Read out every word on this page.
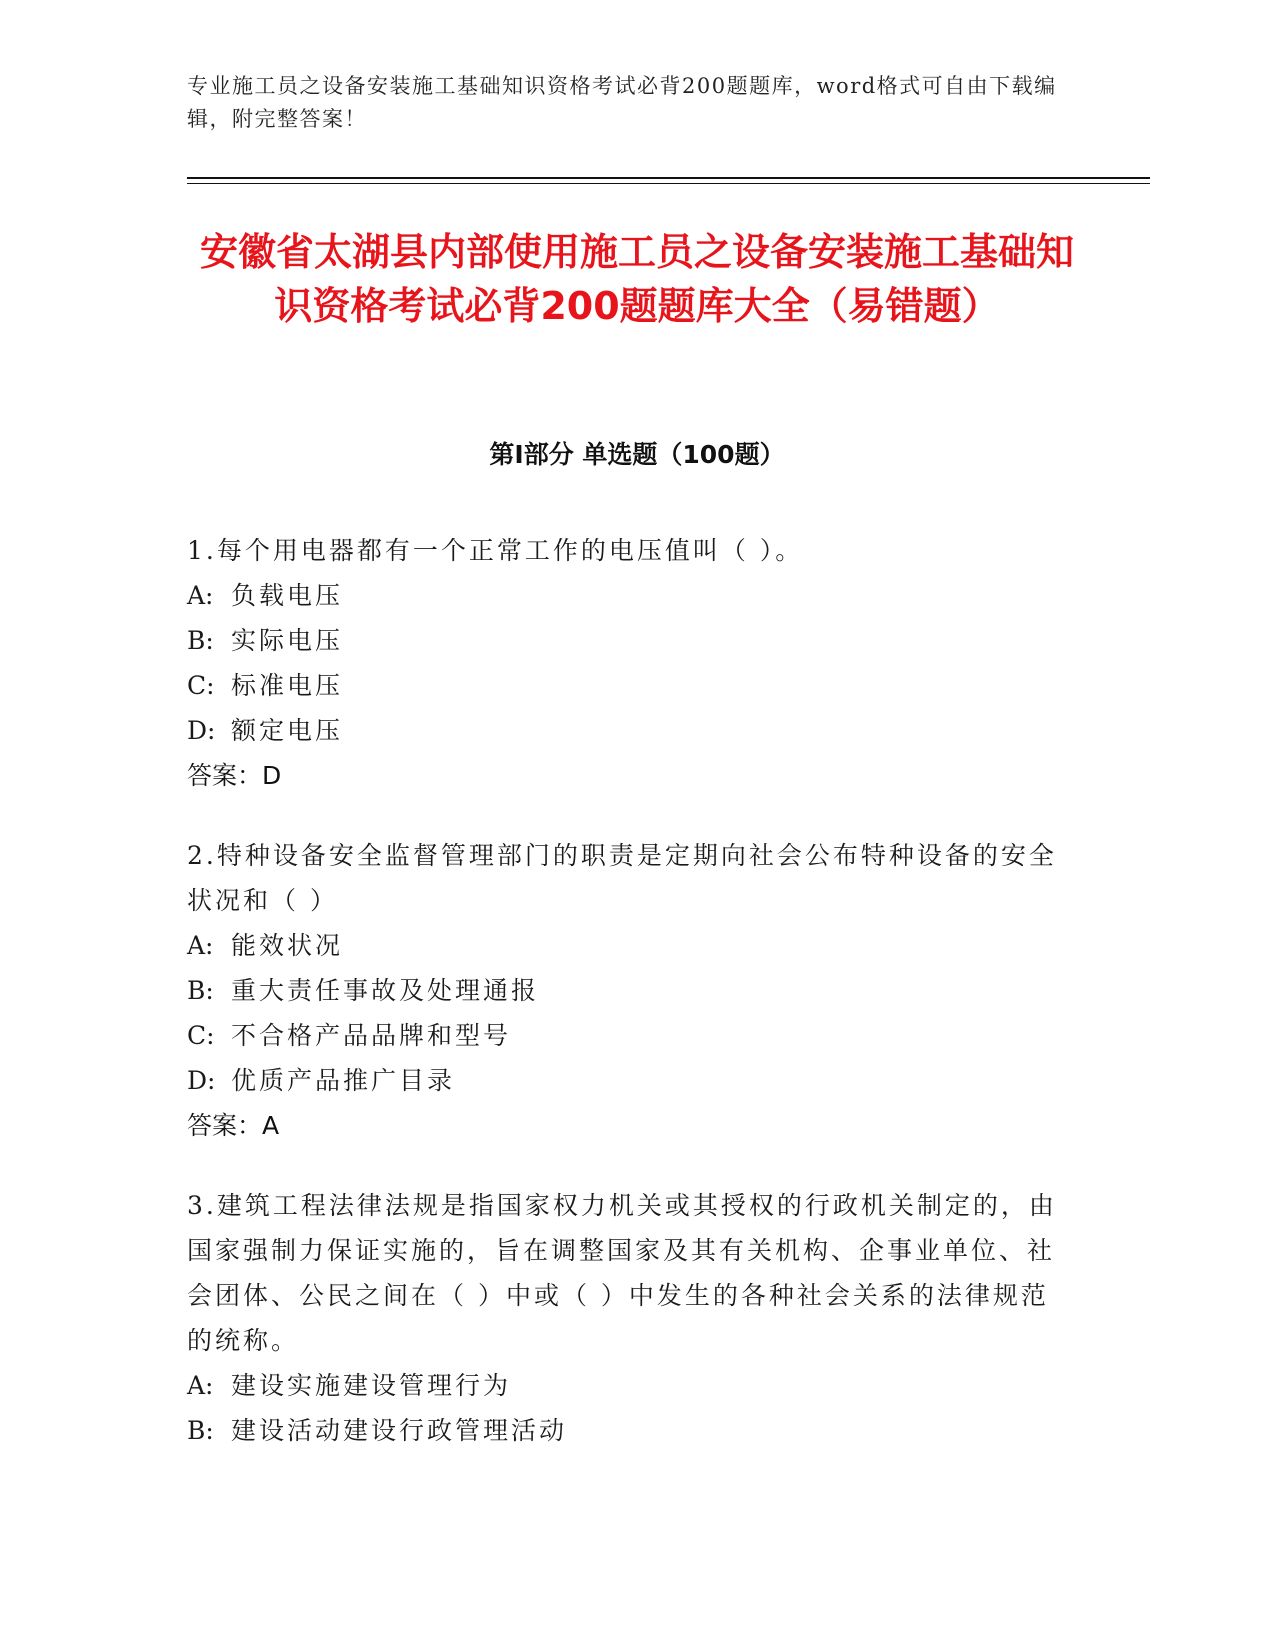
专业施工员之设备安装施工基础知识资格考试必背200题题库，word格式可自由下载编辑，附完整答案！
安徽省太湖县内部使用施工员之设备安装施工基础知识资格考试必背200题题库大全（易错题）
第I部分 单选题（100题）

1.每个用电器都有一个正常工作的电压值叫（ ）。

A: 负载电压

B: 实际电压

C: 标准电压

D: 额定电压

答案：D

2.特种设备安全监督管理部门的职责是定期向社会公布特种设备的安全状况和（ ）

A: 能效状况

B: 重大责任事故及处理通报

C: 不合格产品品牌和型号

D: 优质产品推广目录

答案：A

3.建筑工程法律法规是指国家权力机关或其授权的行政机关制定的，由国家强制力保证实施的，旨在调整国家及其有关机构、企事业单位、社会团体、公民之间在（ ）中或（ ）中发生的各种社会关系的法律规范的统称。

A: 建设实施建设管理行为

B: 建设活动建设行政管理活动
